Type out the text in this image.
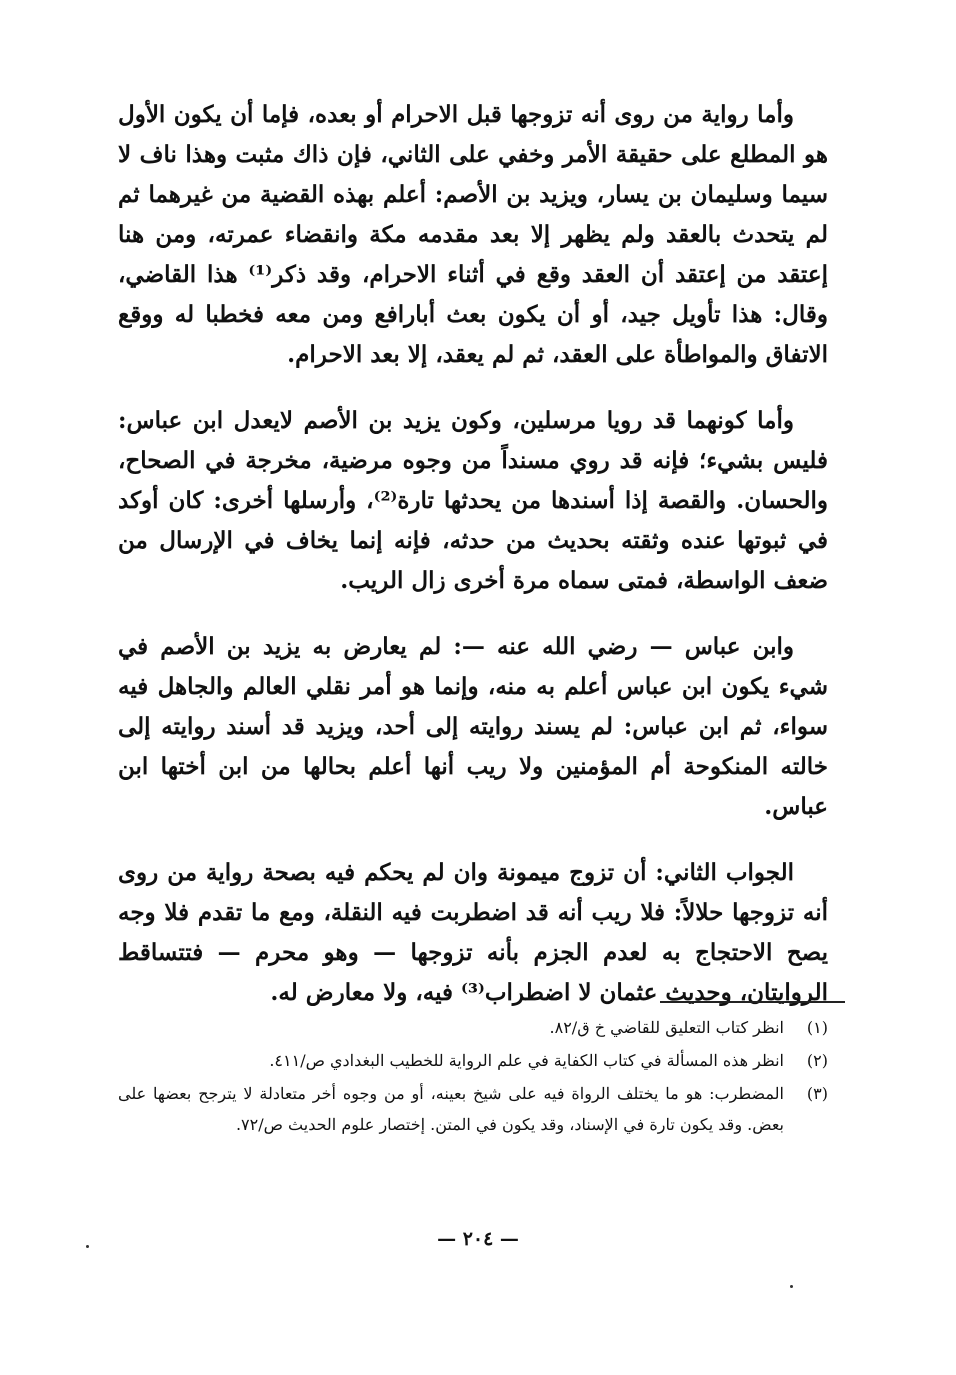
وأما رواية من روى أنه تزوجها قبل الاحرام أو بعده، فإما أن يكون الأول هو المطلع على حقيقة الأمر وخفي على الثاني، فإن ذاك مثبت وهذا ناف لا سيما وسليمان بن يسار، ويزيد بن الأصم: أعلم بهذه القضية من غيرهما ثم لم يتحدث بالعقد ولم يظهر إلا بعد مقدمه مكة وانقضاء عمرته، ومن هنا إعتقد من إعتقد أن العقد وقع في أثناء الاحرام، وقد ذكر⁽¹⁾ هذا القاضي، وقال: هذا تأويل جيد، أو أن يكون بعث أبارافع ومن معه فخطبا له ووقع الاتفاق والمواطأة على العقد، ثم لم يعقد، إلا بعد الاحرام.

وأما كونهما قد رويا مرسلين، وكون يزيد بن الأصم لايعدل ابن عباس: فليس بشيء؛ فإنه قد روي مسنداً من وجوه مرضية، مخرجة في الصحاح، والحسان. والقصة إذا أسندها من يحدثها تارة⁽²⁾، وأرسلها أخرى: كان أوكد في ثبوتها عنده وثقته بحديث من حدثه، فإنه إنما يخاف في الإرسال من ضعف الواسطة، فمتى سماه مرة أخرى زال الريب.

وابن عباس — رضي الله عنه —: لم يعارض به يزيد بن الأصم في شيء يكون ابن عباس أعلم به منه، وإنما هو أمر نقلي العالم والجاهل فيه سواء، ثم ابن عباس: لم يسند روايته إلى أحد، ويزيد قد أسند روايته إلى خالته المنكوحة أم المؤمنين ولا ريب أنها أعلم بحالها من ابن أختها ابن عباس.

الجواب الثاني: أن تزوج ميمونة وان لم يحكم فيه بصحة رواية من روى أنه تزوجها حلالاً: فلا ريب أنه قد اضطربت فيه النقلة، ومع ما تقدم فلا وجه يصح الاحتجاج به لعدم الجزم بأنه تزوجها — وهو محرم — فتتساقط الروايتان، وحديث عثمان لا اضطراب⁽³⁾ فيه، ولا معارض له.

(١)
انظر كتاب التعليق للقاضي خ ق/٨٢.
(٢)
انظر هذه المسألة في كتاب الكفاية في علم الرواية للخطيب البغدادي ص/٤١١.
(٣)
المضطرب: هو ما يختلف الرواة فيه على شيخ بعينه، أو من وجوه أخر متعادلة لا يترجح بعضها على بعض. وقد يكون تارة في الإسناد، وقد يكون في المتن. إختصار علوم الحديث ص/٧٢.
— ٢٠٤ —
